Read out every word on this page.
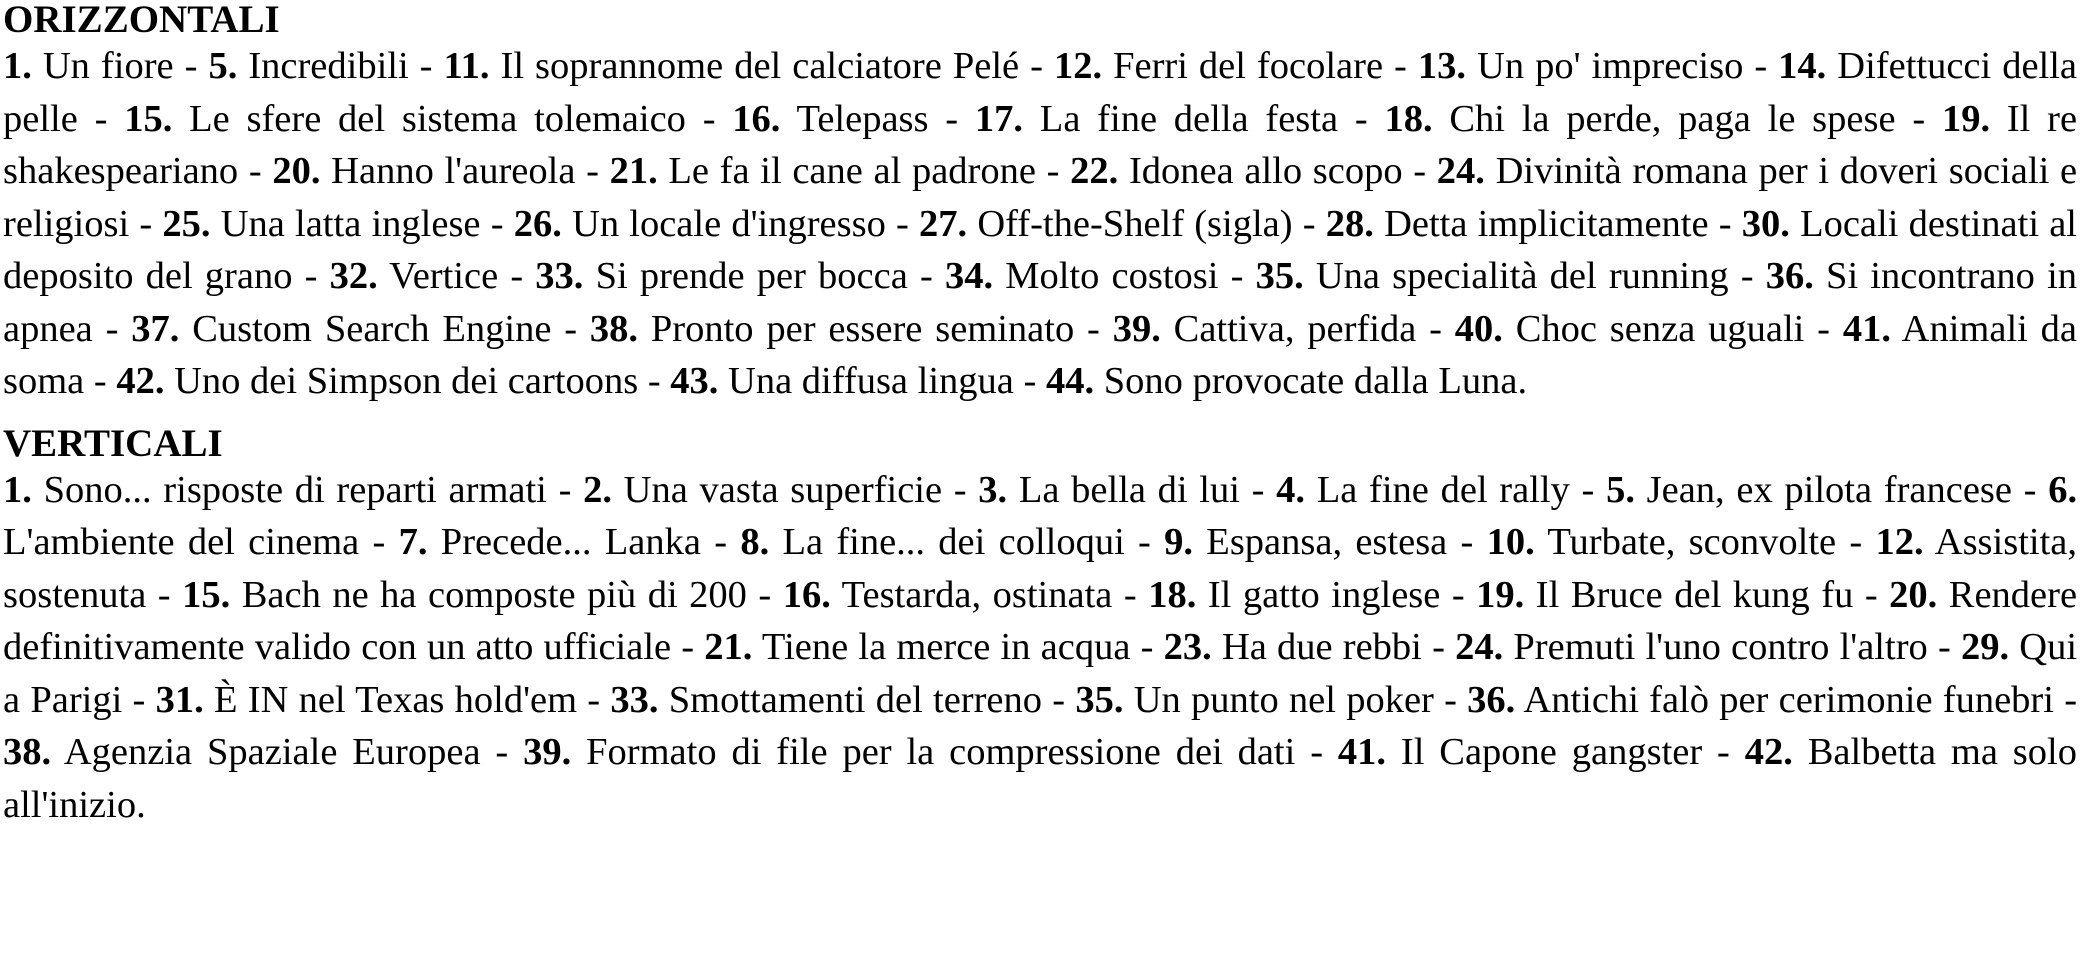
ORIZZONTALI

1. Un fiore - 5. Incredibili - 11. Il soprannome del calciatore Pelé - 12. Ferri del focolare - 13. Un po' impreciso - 14. Difettucci della pelle - 15. Le sfere del sistema tolemaico - 16. Telepass - 17. La fine della festa - 18. Chi la perde, paga le spese - 19. Il re shakespeariano - 20. Hanno l'aureola - 21. Le fa il cane al padrone - 22. Idonea allo scopo - 24. Divinità romana per i doveri sociali e religiosi - 25. Una latta inglese - 26. Un locale d'ingresso - 27. Off-the-Shelf (sigla) - 28. Detta implicitamente - 30. Locali destinati al deposito del grano - 32. Vertice - 33. Si prende per bocca - 34. Molto costosi - 35. Una specialità del running - 36. Si incontrano in apnea - 37. Custom Search Engine - 38. Pronto per essere seminato - 39. Cattiva, perfida - 40. Choc senza uguali - 41. Animali da soma - 42. Uno dei Simpson dei cartoons - 43. Una diffusa lingua - 44. Sono provocate dalla Luna.

VERTICALI

1. Sono... risposte di reparti armati - 2. Una vasta superficie - 3. La bella di lui - 4. La fine del rally - 5. Jean, ex pilota francese - 6. L'ambiente del cinema - 7. Precede... Lanka - 8. La fine... dei colloqui - 9. Espansa, estesa - 10. Turbate, sconvolte - 12. Assistita, sostenuta - 15. Bach ne ha composte più di 200 - 16. Testarda, ostinata - 18. Il gatto inglese - 19. Il Bruce del kung fu - 20. Rendere definitivamente valido con un atto ufficiale - 21. Tiene la merce in acqua - 23. Ha due rebbi - 24. Premuti l'uno contro l'altro - 29. Qui a Parigi - 31. È IN nel Texas hold'em - 33. Smottamenti del terreno - 35. Un punto nel poker - 36. Antichi falò per cerimonie funebri - 38. Agenzia Spaziale Europea - 39. Formato di file per la compressione dei dati - 41. Il Capone gangster - 42. Balbetta ma solo all'inizio.
